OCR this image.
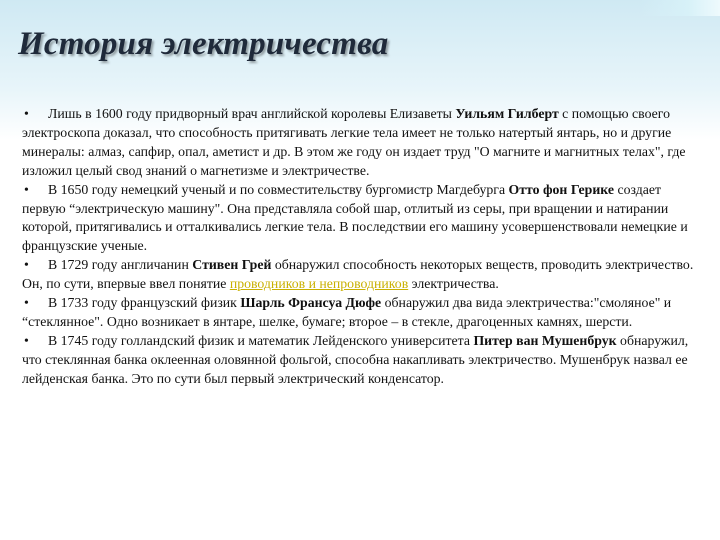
История электричества

• Лишь в 1600 году придворный врач английской королевы Елизаветы Уильям Гилберт с помощью своего электроскопа доказал, что способность притягивать легкие тела имеет не только натертый янтарь, но и другие минералы: алмаз, сапфир, опал, аметист и др. В этом же году он издает труд "О магните и магнитных телах", где изложил целый свод знаний о магнетизме и электричестве.

• В 1650 году немецкий ученый и по совместительству бургомистр Магдебурга Отто фон Герике создает первую “электрическую машину". Она представляла собой шар, отлитый из серы, при вращении и натирании которой, притягивались и отталкивались легкие тела. В последствии его машину усовершенствовали немецкие и французские ученые.

• В 1729 году англичанин Стивен Грей обнаружил способность некоторых веществ, проводить электричество. Он, по сути, впервые ввел понятие проводников и непроводников электричества.

• В 1733 году французский физик Шарль Франсуа Дюфе обнаружил два вида электричества:"смоляное" и “стеклянное". Одно возникает в янтаре, шелке, бумаге; второе – в стекле, драгоценных камнях, шерсти.

• В 1745 году голландский физик и математик Лейденского университета Питер ван Мушенбрук обнаружил, что стеклянная банка оклеенная оловянной фольгой, способна накапливать электричество. Мушенбрук назвал ее лейденская банка. Это по сути был первый электрический конденсатор.
